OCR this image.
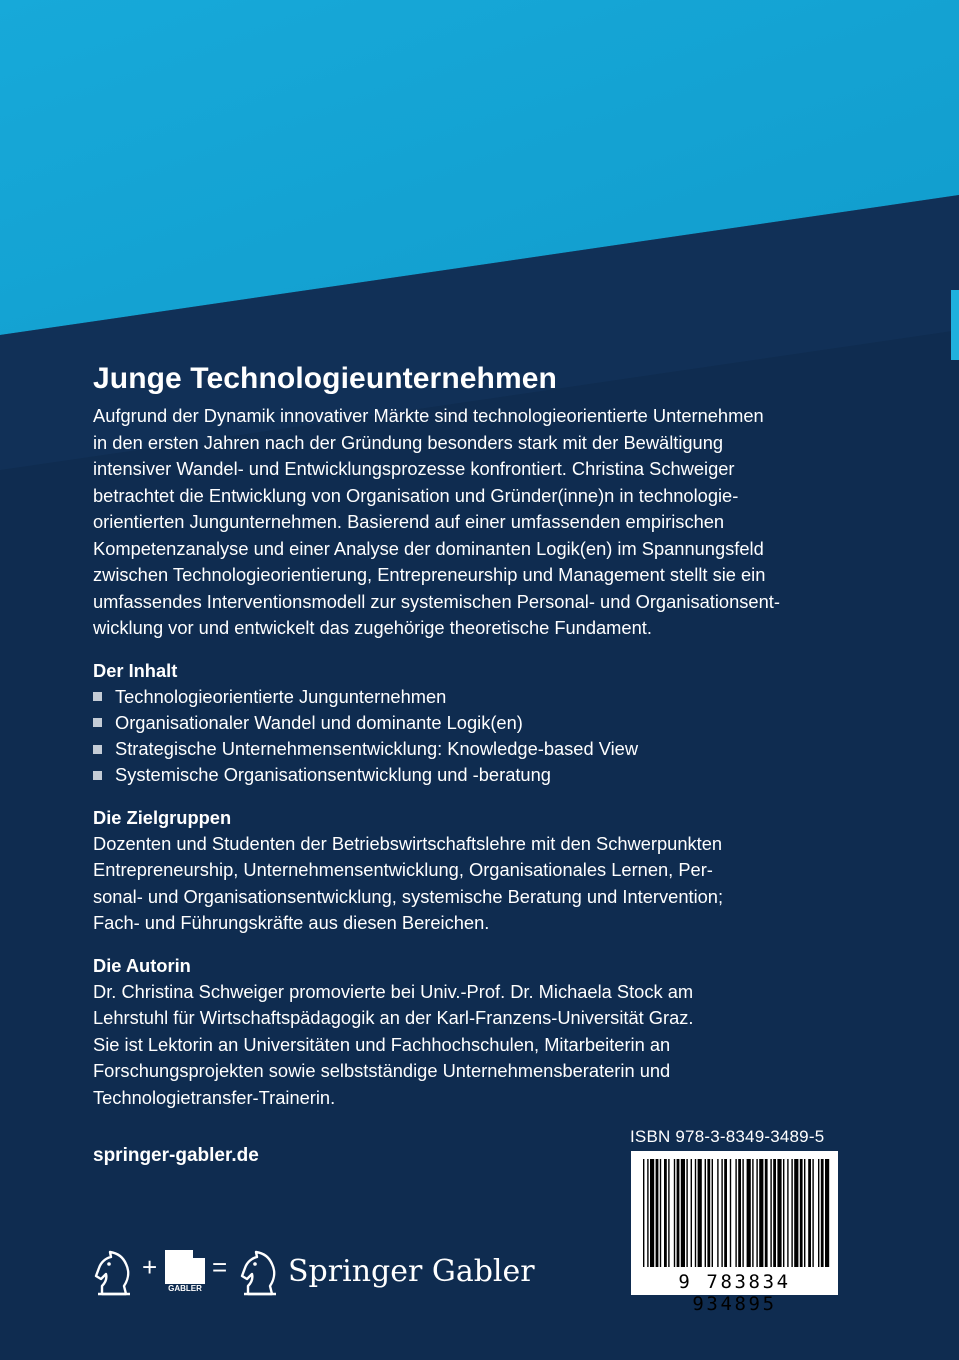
Junge Technologieunternehmen

Aufgrund der Dynamik innovativer Märkte sind technologieorientierte Unternehmen
in den ersten Jahren nach der Gründung besonders stark mit der Bewältigung
intensiver Wandel- und Entwicklungsprozesse konfrontiert. Christina Schweiger
betrachtet die Entwicklung von Organisation und Gründer(inne)n in technologie-
orientierten Jungunternehmen. Basierend auf einer umfassenden empirischen
Kompetenzanalyse und einer Analyse der dominanten Logik(en) im Spannungsfeld
zwischen Technologieorientierung, Entrepreneurship und Management stellt sie ein
umfassendes Interventionsmodell zur systemischen Personal- und Organisationsent-
wicklung vor und entwickelt das zugehörige theoretische Fundament.

Der Inhalt
Technologieorientierte Jungunternehmen
Organisationaler Wandel und dominante Logik(en)
Strategische Unternehmensentwicklung: Knowledge-based View
Systemische Organisationsentwicklung und -beratung
Die Zielgruppen

Dozenten und Studenten der Betriebswirtschaftslehre mit den Schwerpunkten
Entrepreneurship, Unternehmensentwicklung, Organisationales Lernen, Per-
sonal- und Organisationsentwicklung, systemische Beratung und Intervention;
Fach- und Führungskräfte aus diesen Bereichen.

Die Autorin

Dr. Christina Schweiger promovierte bei Univ.-Prof. Dr. Michaela Stock am
Lehrstuhl für Wirtschaftspädagogik an der Karl-Franzens-Universität Graz.
Sie ist Lektorin an Universitäten und Fachhochschulen, Mitarbeiterin an
Forschungsprojekten sowie selbstständige Unternehmensberaterin und
Technologietransfer-Trainerin.

springer-gabler.de
ISBN 978-3-8349-3489-5
9 783834 934895
+
GABLER
= Springer Gabler
